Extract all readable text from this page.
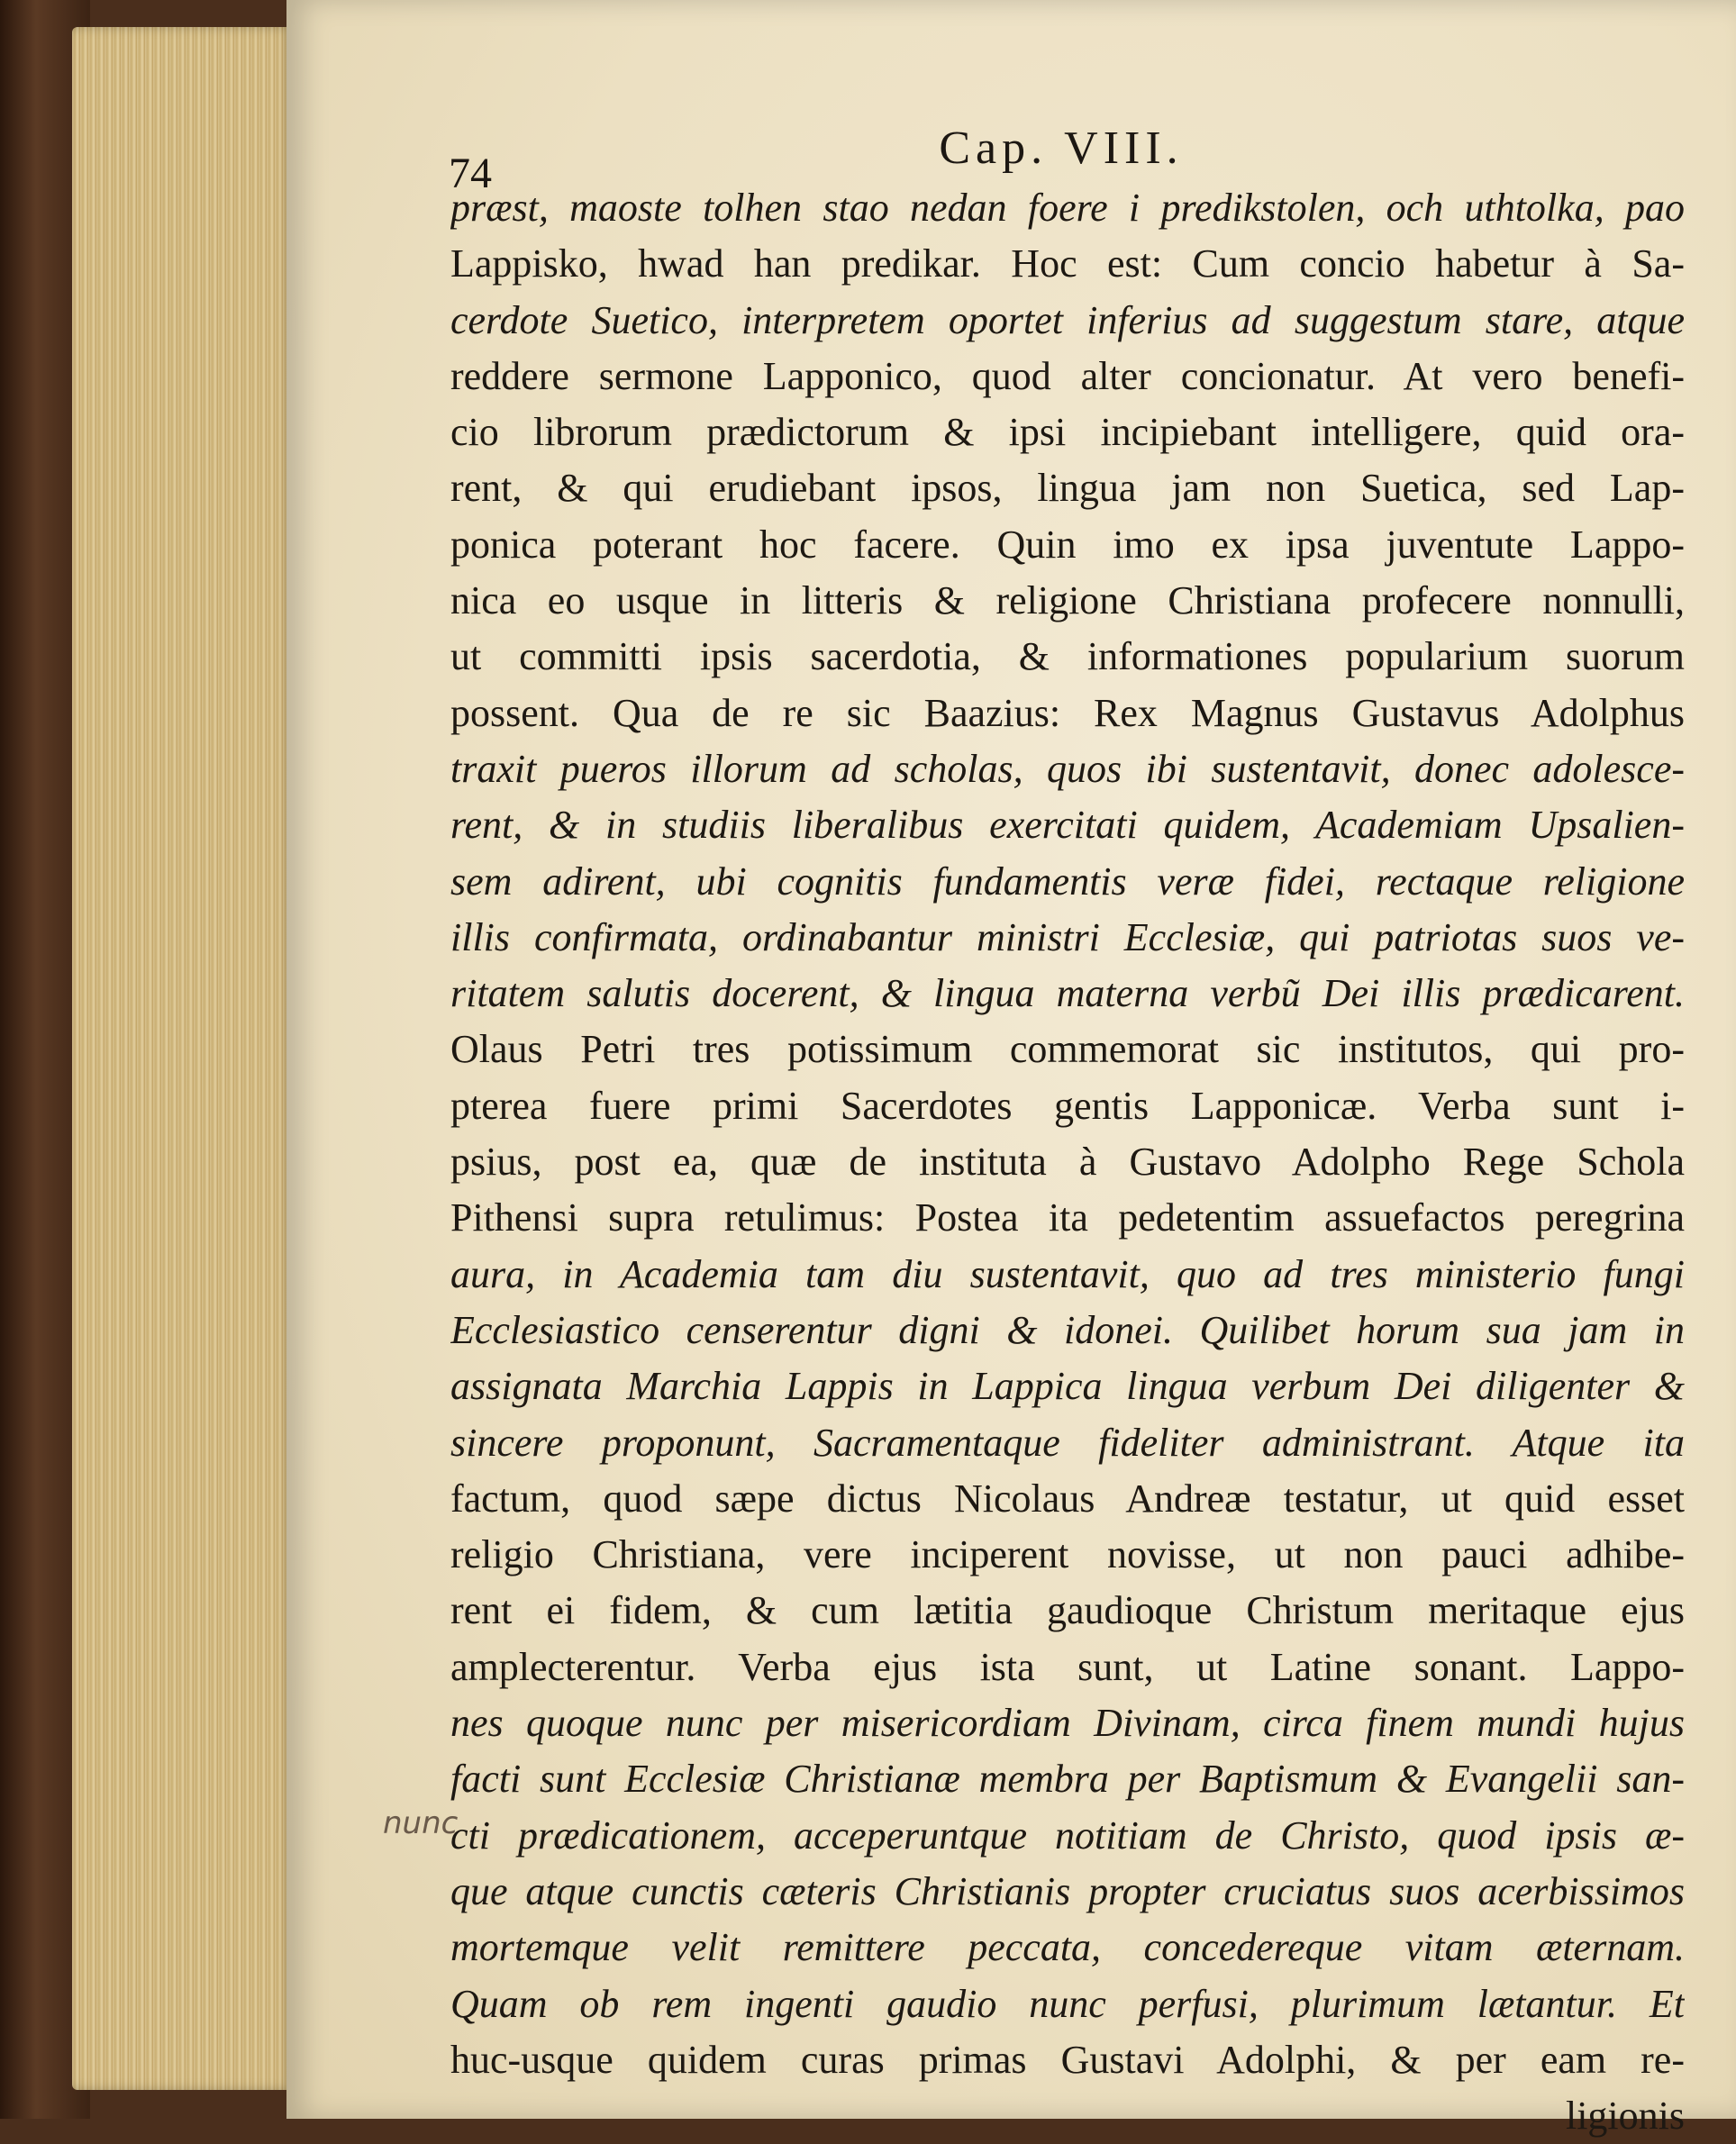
74	Cap. VIII.
præst, maoste tolhen stao nedan foere i predikstolen, och uthtolka, pao
Lappisko, hwad han predikar. Hoc est: Cum concio habetur à Sa-
cerdote Suetico, interpretem oportet inferius ad suggestum stare, atque
reddere sermone Lapponico, quod alter concionatur. At vero benefi-
cio librorum prædictorum & ipsi incipiebant intelligere, quid ora-
rent, & qui erudiebant ipsos, lingua jam non Suetica, sed Lap-
ponica poterant hoc facere. Quin imo ex ipsa juventute Lappo-
nica eo usque in litteris & religione Christiana profecere nonnulli,
ut committi ipsis sacerdotia, & informationes popularium suorum
possent. Qua de re sic Baazius: Rex Magnus Gustavus Adolphus
traxit pueros illorum ad scholas, quos ibi sustentavit, donec adolesce-
rent, & in studiis liberalibus exercitati quidem, Academiam Upsalien-
sem adirent, ubi cognitis fundamentis veræ fidei, rectaque religione
illis confirmata, ordinabantur ministri Ecclesiæ, qui patriotas suos ve-
ritatem salutis docerent, & lingua materna verbũ Dei illis prædicarent.
Olaus Petri tres potissimum commemorat sic institutos, qui pro-
pterea fuere primi Sacerdotes gentis Lapponicæ. Verba sunt i-
psius, post ea, quæ de instituta à Gustavo Adolpho Rege Schola
Pithensi supra retulimus: Postea ita pedetentim assuefactos peregrina
aura, in Academia tam diu sustentavit, quo ad tres ministerio fungi
Ecclesiastico censerentur digni & idonei. Quilibet horum sua jam in
assignata Marchia Lappis in Lappica lingua verbum Dei diligenter &
sincere proponunt, Sacramentaque fideliter administrant. Atque ita
factum, quod sæpe dictus Nicolaus Andreæ testatur, ut quid esset
religio Christiana, vere inciperent novisse, ut non pauci adhibe-
rent ei fidem, & cum lætitia gaudioque Christum meritaque ejus
amplecterentur. Verba ejus ista sunt, ut Latine sonant. Lappo-
nes quoque nunc per misericordiam Divinam, circa finem mundi hujus
facti sunt Ecclesiæ Christianæ membra per Baptismum & Evangelii san-
cti prædicationem, acceperuntque notitiam de Christo, quod ipsis æ-
que atque cunctis cæteris Christianis propter cruciatus suos acerbissimos
mortemque velit remittere peccata, concedereque vitam æternam.
Quam ob rem ingenti gaudio nunc perfusi, plurimum lætantur. Et
huc-usque quidem curas primas Gustavi Adolphi, & per eam re-
ligionis
nunc
